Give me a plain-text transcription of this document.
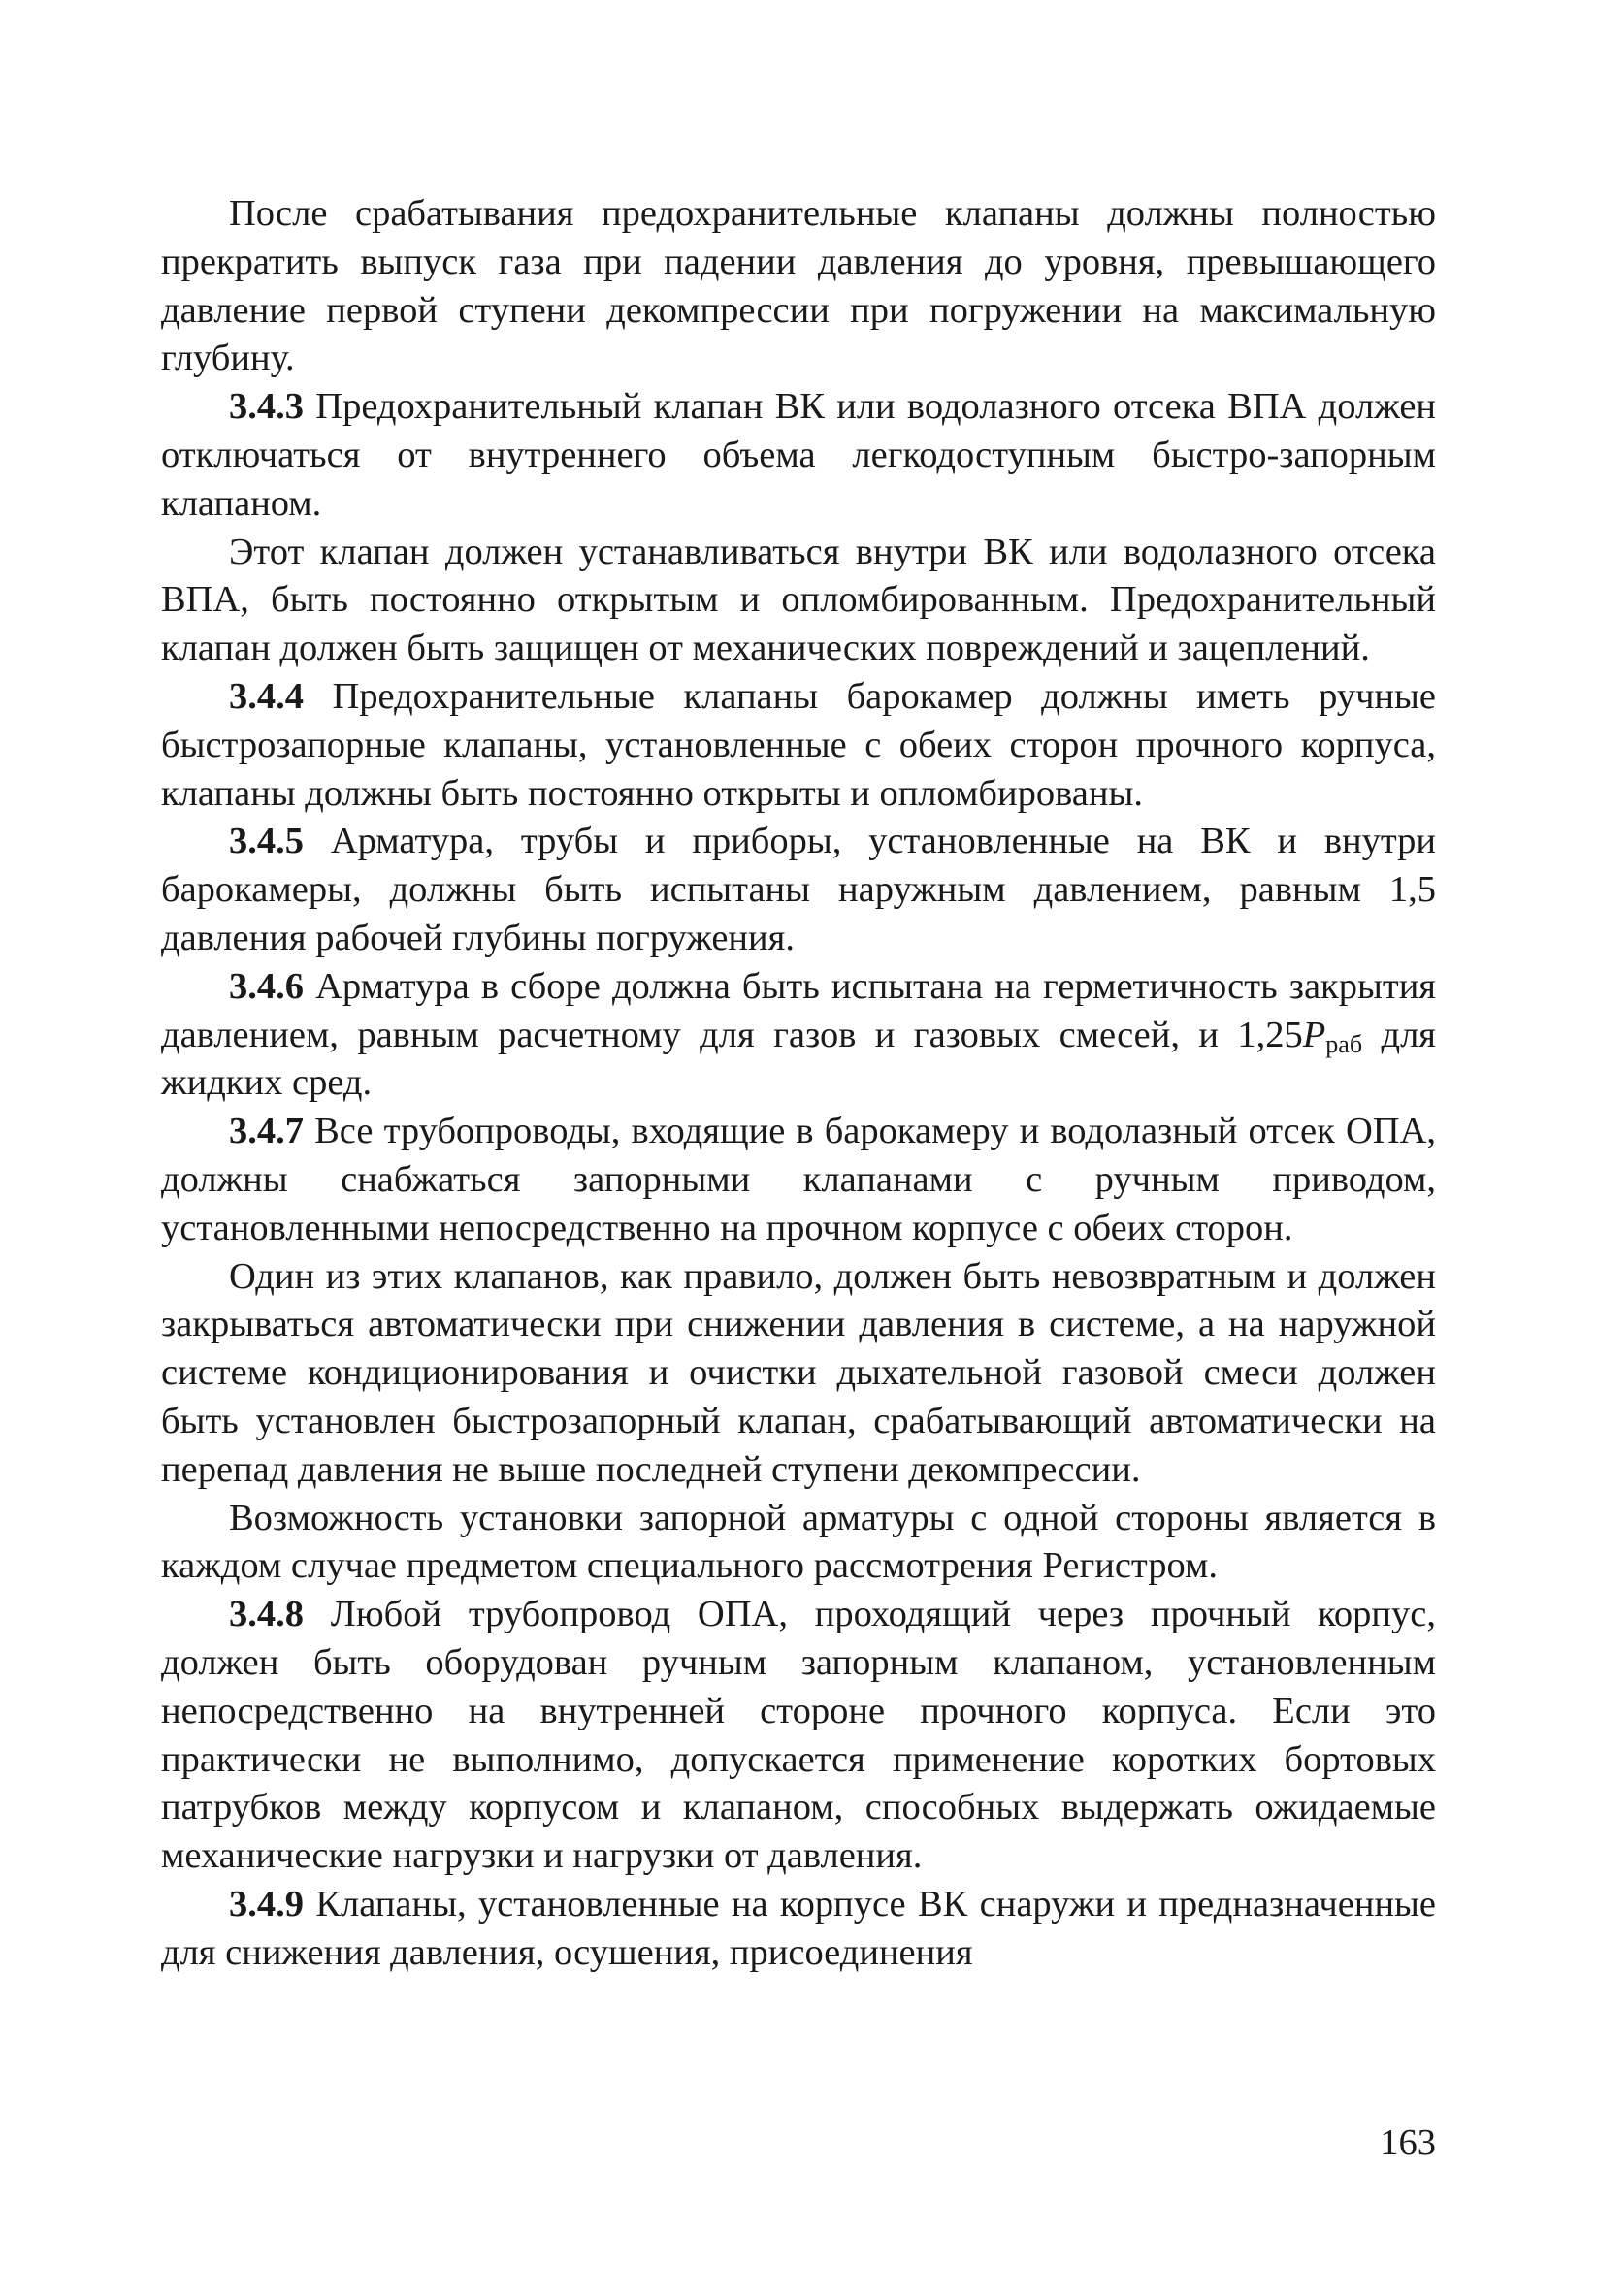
После срабатывания предохранительные клапаны должны полностью прекратить выпуск газа при падении давления до уровня, превышающего давление первой ступени декомпрессии при погружении на максимальную глубину.

3.4.3 Предохранительный клапан ВК или водолазного отсека ВПА должен отключаться от внутреннего объема легкодоступным быстро-запорным клапаном.

Этот клапан должен устанавливаться внутри ВК или водолазного отсека ВПА, быть постоянно открытым и опломбированным. Предохранительный клапан должен быть защищен от механических повреждений и зацеплений.

3.4.4 Предохранительные клапаны барокамер должны иметь ручные быстрозапорные клапаны, установленные с обеих сторон прочного корпуса, клапаны должны быть постоянно открыты и опломбированы.

3.4.5 Арматура, трубы и приборы, установленные на ВК и внутри барокамеры, должны быть испытаны наружным давлением, равным 1,5 давления рабочей глубины погружения.

3.4.6 Арматура в сборе должна быть испытана на герметичность закрытия давлением, равным расчетному для газов и газовых смесей, и $1,25P_{раб}$ для жидких сред.

3.4.7 Все трубопроводы, входящие в барокамеру и водолазный отсек ОПА, должны снабжаться запорными клапанами с ручным приводом, установленными непосредственно на прочном корпусе с обеих сторон.

Один из этих клапанов, как правило, должен быть невозвратным и должен закрываться автоматически при снижении давления в системе, а на наружной системе кондиционирования и очистки дыхательной газовой смеси должен быть установлен быстрозапорный клапан, срабатывающий автоматически на перепад давления не выше последней ступени декомпрессии.

Возможность установки запорной арматуры с одной стороны является в каждом случае предметом специального рассмотрения Регистром.

3.4.8 Любой трубопровод ОПА, проходящий через прочный корпус, должен быть оборудован ручным запорным клапаном, установленным непосредственно на внутренней стороне прочного корпуса. Если это практически не выполнимо, допускается применение коротких бортовых патрубков между корпусом и клапаном, способных выдержать ожидаемые механические нагрузки и нагрузки от давления.

3.4.9 Клапаны, установленные на корпусе ВК снаружи и предназначенные для снижения давления, осушения, присоединения

163
